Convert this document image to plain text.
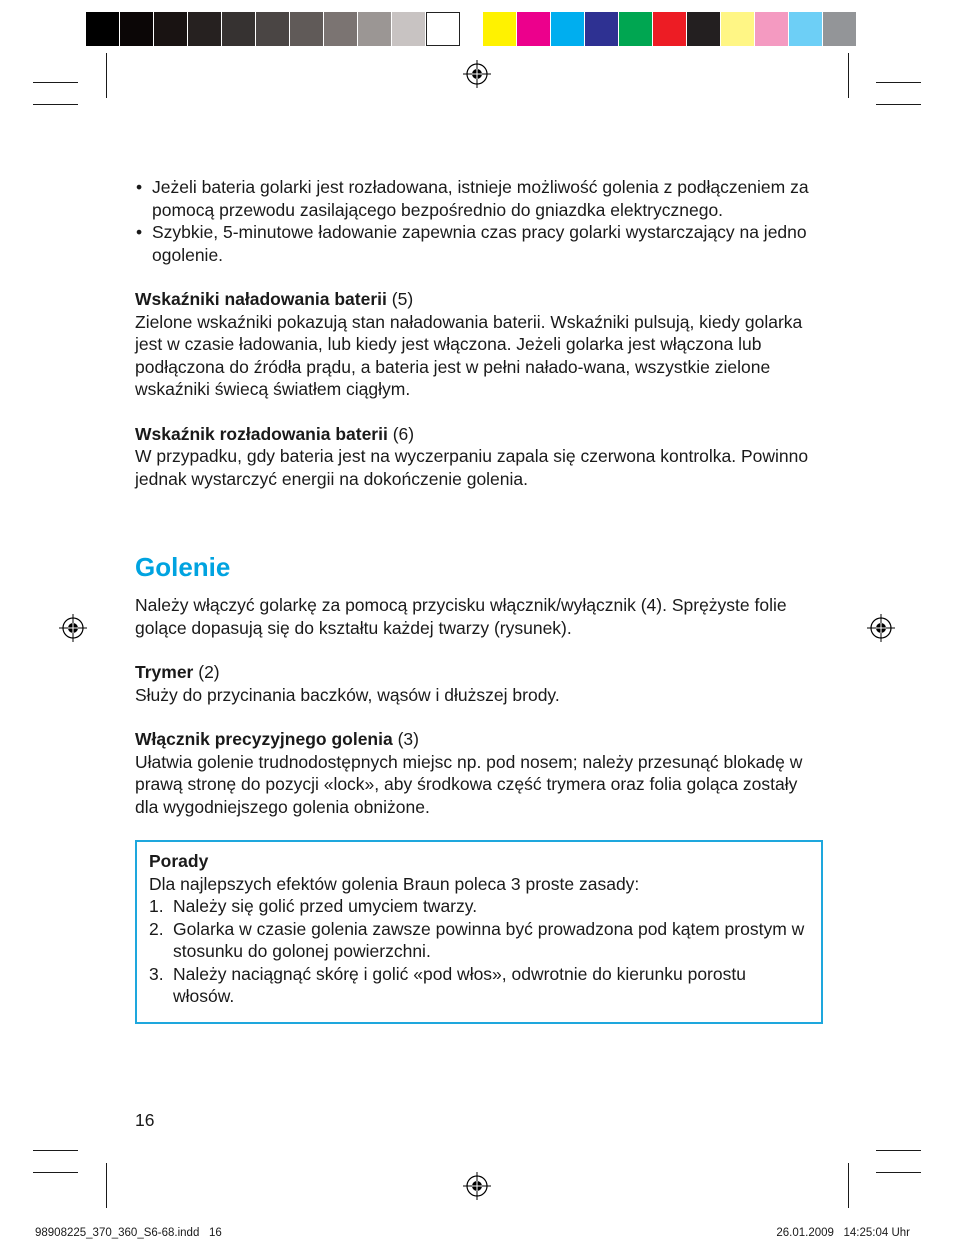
• Jeżeli bateria golarki jest rozładowana, istnieje możliwość golenia z podłączeniem za pomocą przewodu zasilającego bezpośrednio do gniazdka elektrycznego.
• Szybkie, 5-minutowe ładowanie zapewnia czas pracy golarki wystarczający na jedno ogolenie.

Wskaźniki naładowania baterii (5)

Zielone wskaźniki pokazują stan naładowania baterii. Wskaźniki pulsują, kiedy golarka jest w czasie ładowania, lub kiedy jest włączona. Jeżeli golarka jest włączona lub podłączona do źródła prądu, a bateria jest w pełni nałado-wana, wszystkie zielone wskaźniki świecą światłem ciągłym.

Wskaźnik rozładowania baterii (6)

W przypadku, gdy bateria jest na wyczerpaniu zapala się czerwona kontrolka. Powinno jednak wystarczyć energii na dokończenie golenia.

Golenie

Należy włączyć golarkę za pomocą przycisku włącznik/wyłącznik (4). Sprężyste folie golące dopasują się do kształtu każdej twarzy (rysunek).

Trymer (2)

Służy do przycinania baczków, wąsów i dłuższej brody.

Włącznik precyzyjnego golenia (3)

Ułatwia golenie trudnodostępnych miejsc np. pod nosem; należy przesunąć blokadę w prawą stronę do pozycji «lock», aby środkowa część trymera oraz folia goląca zostały dla wygodniejszego golenia obniżone.

Porady

Dla najlepszych efektów golenia Braun poleca 3 proste zasady:

1. Należy się golić przed umyciem twarzy.
2. Golarka w czasie golenia zawsze powinna być prowadzona pod kątem prostym w stosunku do golonej powierzchni.
3. Należy naciągnąć skórę i golić «pod włos», odwrotnie do kierunku porostu włosów.
16
98908225_370_360_S6-68.indd   16	26.01.2009   14:25:04 Uhr
